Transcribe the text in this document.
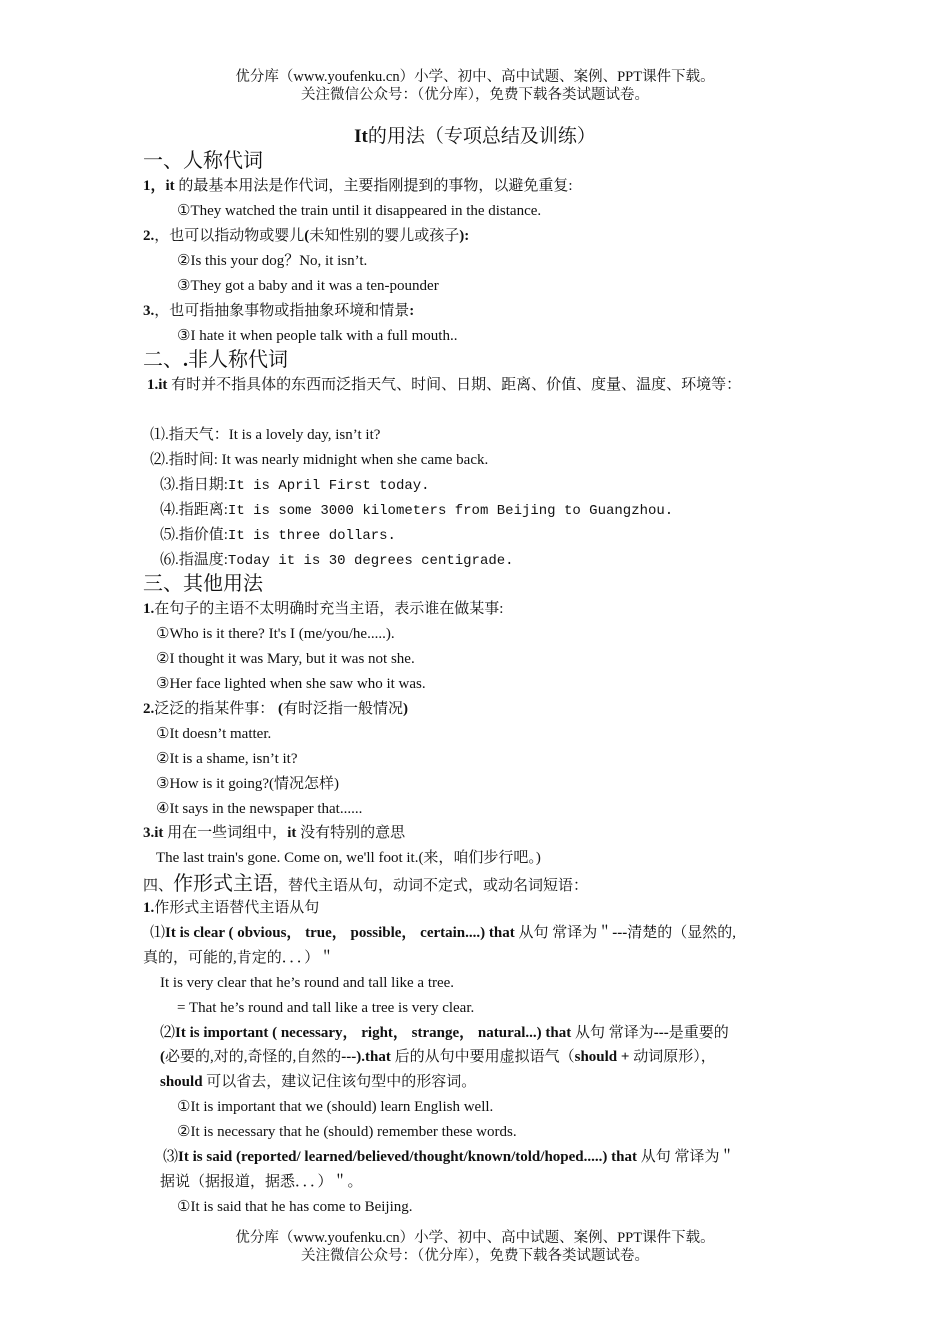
优分库（www.youfenku.cn）小学、初中、高中试题、案例、PPT课件下载。
关注微信公众号：（优分库），免费下载各类试题试卷。
It的用法（专项总结及训练）
一、人称代词
1，it 的最基本用法是作代词，主要指刚提到的事物，以避免重复:
①They watched the train until it disappeared in the distance.
2.，也可以指动物或婴儿(未知性别的婴儿或孩子):
②Is this your dog？No, it isn’t.
③They got a baby and it was a ten-pounder
3.，也可指抽象事物或指抽象环境和情景:
③I hate it when people talk with a full mouth..
二、.非人称代词
1.it 有时并不指具体的东西而泛指天气、时间、日期、距离、价值、度量、温度、环境等：
⑴.指天气：It is a lovely day, isn’t it?
⑵.指时间: It was nearly midnight when she came back.
⑶.指日期:It is April First today.
⑷.指距离:It is some 3000 kilometers from Beijing to Guangzhou.
⑸.指价值:It is three dollars.
⑹.指温度:Today it is 30 degrees centigrade.
三、其他用法
1.在句子的主语不太明确时充当主语，表示谁在做某事:
①Who is it there? It's I (me/you/he.....).
②I thought it was Mary, but it was not she.
③Her face lighted when she saw who it was.
2.泛泛的指某件事： (有时泛指一般情况)
①It doesn’t matter.
②It is a shame, isn’t it?
③How is it going?(情况怎样)
④It says in the newspaper that......
3.it 用在一些词组中，it 没有特别的意思
The last train's gone. Come on, we'll foot it.(来，咱们步行吧。)
四、作形式主语，替代主语从句，动词不定式，或动名词短语：
1.作形式主语替代主语从句
⑴It is clear ( obvious， true， possible， certain....) that 从句 常译为＂---清楚的（显然的,
真的，可能的,肯定的．．．）＂
It is very clear that he’s round and tall like a tree.
= That he’s round and tall like a tree is very clear.
⑵It is important ( necessary， right， strange， natural...) that 从句 常译为---是重要的
(必要的,对的,奇怪的,自然的---).that 后的从句中要用虚拟语气（should + 动词原形），
should 可以省去，建议记住该句型中的形容词。
①It is important that we (should) learn English well.
②It is necessary that he (should) remember these words.
⑶It is said (reported/ learned/believed/thought/known/told/hoped.....) that 从句 常译为＂
据说（据报道，据悉．．．）＂。
①It is said that he has come to Beijing.
优分库（www.youfenku.cn）小学、初中、高中试题、案例、PPT课件下载。
关注微信公众号：（优分库），免费下载各类试题试卷。
